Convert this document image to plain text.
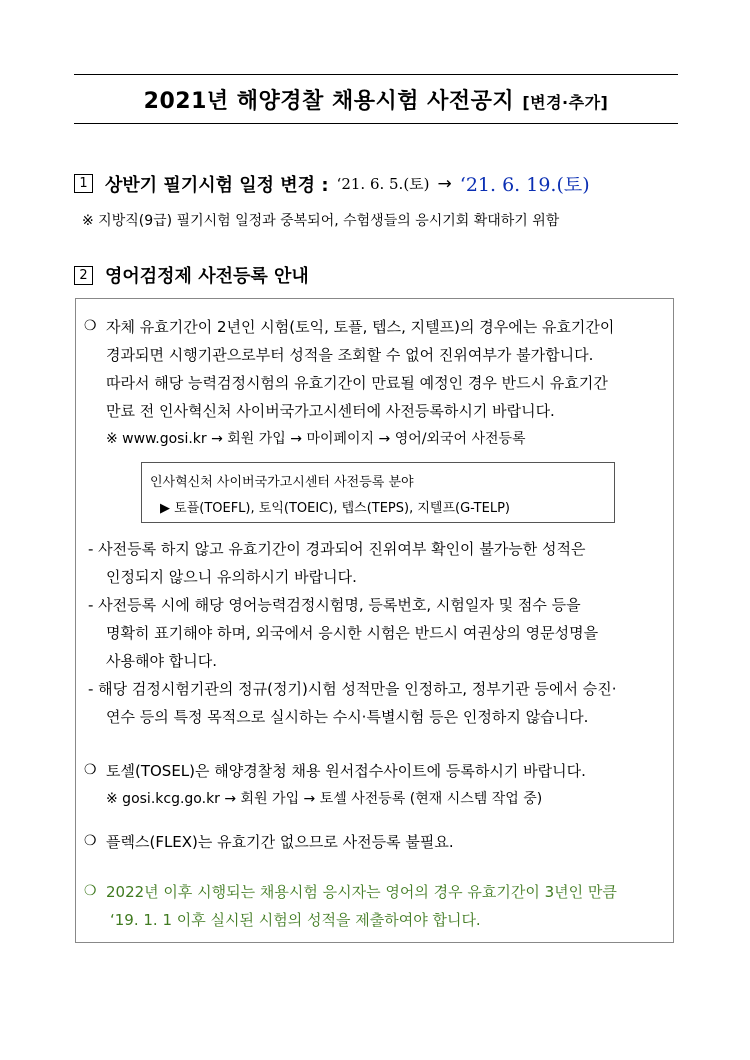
2021년 해양경찰 채용시험 사전공지 [변경·추가]
1 상반기 필기시험 일정 변경 : ‘21. 6. 5.(토) → ‘21. 6. 19.(토)
※ 지방직(9급) 필기시험 일정과 중복되어, 수험생들의 응시기회 확대하기 위함
2 영어검정제 사전등록 안내
❍ 자체 유효기간이 2년인 시험(토익, 토플, 텝스, 지텔프)의 경우에는 유효기간이
경과되면 시행기관으로부터 성적을 조회할 수 없어 진위여부가 불가합니다.
따라서 해당 능력검정시험의 유효기간이 만료될 예정인 경우 반드시 유효기간
만료 전 인사혁신처 사이버국가고시센터에 사전등록하시기 바랍니다.
※ www.gosi.kr → 회원 가입 → 마이페이지 → 영어/외국어 사전등록
인사혁신처 사이버국가고시센터 사전등록 분야
▶ 토플(TOEFL), 토익(TOEIC), 텝스(TEPS), 지텔프(G-TELP)
- 사전등록 하지 않고 유효기간이 경과되어 진위여부 확인이 불가능한 성적은
인정되지 않으니 유의하시기 바랍니다.
- 사전등록 시에 해당 영어능력검정시험명, 등록번호, 시험일자 및 점수 등을
명확히 표기해야 하며, 외국에서 응시한 시험은 반드시 여권상의 영문성명을
사용해야 합니다.
- 해당 검정시험기관의 정규(정기)시험 성적만을 인정하고, 정부기관 등에서 승진·
연수 등의 특정 목적으로 실시하는 수시·특별시험 등은 인정하지 않습니다.
❍ 토셀(TOSEL)은 해양경찰청 채용 원서접수사이트에 등록하시기 바랍니다.
※ gosi.kcg.go.kr → 회원 가입 → 토셀 사전등록 (현재 시스템 작업 중)
❍ 플렉스(FLEX)는 유효기간 없으므로 사전등록 불필요.
❍ 2022년 이후 시행되는 채용시험 응시자는 영어의 경우 유효기간이 3년인 만큼
‘19. 1. 1 이후 실시된 시험의 성적을 제출하여야 합니다.
